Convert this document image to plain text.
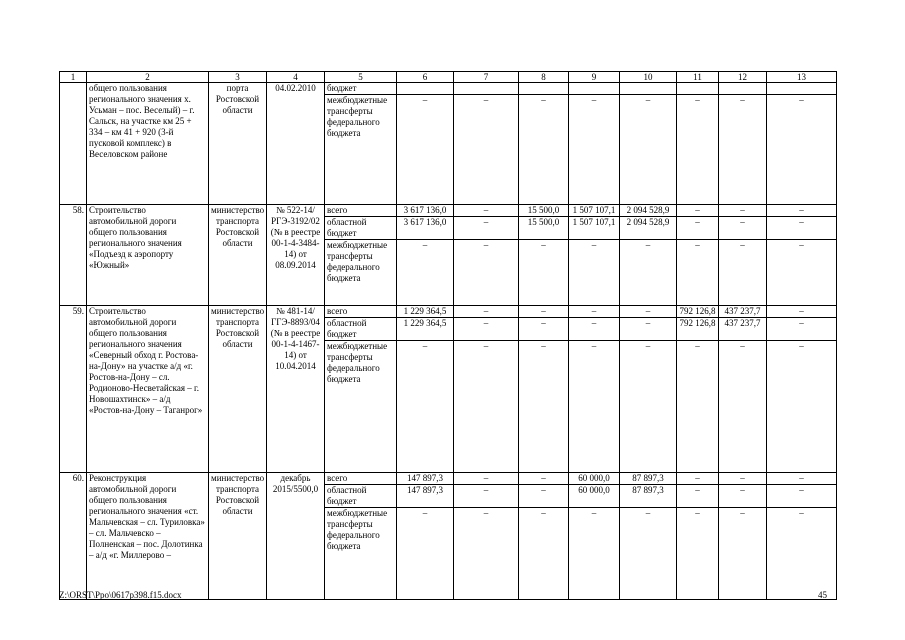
1	2	3	4	5	6	7	8	9	10	11	12	13
	общего пользования регионального значения х. Усьман – пос. Веселый) – г. Сальск, на участке км 25 + 334 – км 41 + 920 (3-й пусковой комплекс) в Веселовском районе	порта Ростовской области	04.02.2010	бюджет								
				межбюджетные трансферты федерального бюджета	–	–	–	–	–	–	–	–
58.	Строительство автомобильной дороги общего пользования регионального значения «Подъезд к аэропорту «Южный»	министерство транспорта Ростовской области	№ 522-14/РГЭ-3192/02 (№ в реестре 00-1-4-3484-14) от 08.09.2014	всего	3 617 136,0	–	15 500,0	1 507 107,1	2 094 528,9	–	–	–
				областной бюджет	3 617 136,0	–	15 500,0	1 507 107,1	2 094 528,9	–	–	–
				межбюджетные трансферты федерального бюджета	–	–	–	–	–	–	–	–
59.	Строительство автомобильной дороги общего пользования регионального значения «Северный обход г. Ростова-на-Дону» на участке а/д «г. Ростов-на-Дону – сл. Родионово-Несветайская – г. Новошахтинск» – а/д «Ростов-на-Дону – Таганрог»	министерство транспорта Ростовской области	№ 481-14/ГГЭ-8893/04 (№ в реестре 00-1-4-1467-14) от 10.04.2014	всего	1 229 364,5	–	–	–	–	792 126,8	437 237,7	–
				областной бюджет	1 229 364,5	–	–	–	–	792 126,8	437 237,7	–
				межбюджетные трансферты федерального бюджета	–	–	–	–	–	–	–	–
60.	Реконструкция автомобильной дороги общего пользования регионального значения «ст. Мальчевская – сл. Туриловка» – сл. Мальчевско – Полненская – пос. Долотинка – а/д «г. Миллерово –	министерство транспорта Ростовской области	декабрь 2015/5500,0	всего	147 897,3	–	–	60 000,0	87 897,3	–	–	–
				областной бюджет	147 897,3	–	–	60 000,0	87 897,3	–	–	–
				межбюджетные трансферты федерального бюджета	–	–	–	–	–	–	–	–
Z:\ORST\Ppo\0617p398.f15.docx	45
